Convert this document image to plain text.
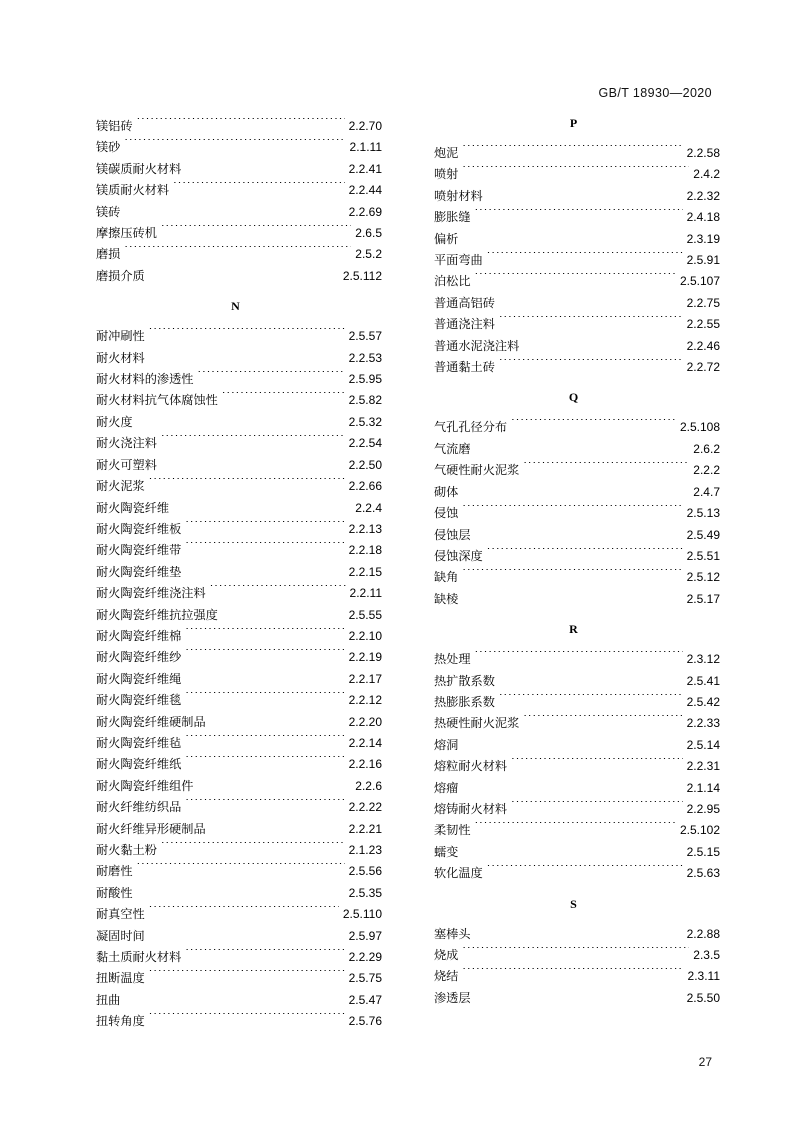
GB/T 18930—2020
镁铝砖 ·····	2.2.70
镁砂 ·····	2.1.11
镁碳质耐火材料 ·····	2.2.41
镁质耐火材料 ·····	2.2.44
镁砖 ·····	2.2.69
摩擦压砖机 ·····	2.6.5
磨损 ·····	2.5.2
磨损介质 ·····	2.5.112
N
耐冲刷性 ·····	2.5.57
耐火材料 ·····	2.2.53
耐火材料的渗透性 ·····	2.5.95
耐火材料抗气体腐蚀性 ·····	2.5.82
耐火度 ·····	2.5.32
耐火浇注料 ·····	2.2.54
耐火可塑料 ·····	2.2.50
耐火泥浆 ·····	2.2.66
耐火陶瓷纤维 ·····	2.2.4
耐火陶瓷纤维板 ·····	2.2.13
耐火陶瓷纤维带 ·····	2.2.18
耐火陶瓷纤维垫 ·····	2.2.15
耐火陶瓷纤维浇注料 ·····	2.2.11
耐火陶瓷纤维抗拉强度 ·····	2.5.55
耐火陶瓷纤维棉 ·····	2.2.10
耐火陶瓷纤维纱 ·····	2.2.19
耐火陶瓷纤维绳 ·····	2.2.17
耐火陶瓷纤维毯 ·····	2.2.12
耐火陶瓷纤维硬制品 ·····	2.2.20
耐火陶瓷纤维毡 ·····	2.2.14
耐火陶瓷纤维纸 ·····	2.2.16
耐火陶瓷纤维组件 ·····	2.2.6
耐火纤维纺织品 ·····	2.2.22
耐火纤维异形硬制品 ·····	2.2.21
耐火黏土粉 ·····	2.1.23
耐磨性 ·····	2.5.56
耐酸性 ·····	2.5.35
耐真空性 ·····	2.5.110
凝固时间 ·····	2.5.97
黏土质耐火材料 ·····	2.2.29
扭断温度 ·····	2.5.75
扭曲 ·····	2.5.47
扭转角度 ·····	2.5.76
P
炮泥 ·····	2.2.58
喷射 ·····	2.4.2
喷射材料 ·····	2.2.32
膨胀缝 ·····	2.4.18
偏析 ·····	2.3.19
平面弯曲 ·····	2.5.91
泊松比 ·····	2.5.107
普通高铝砖 ·····	2.2.75
普通浇注料 ·····	2.2.55
普通水泥浇注料 ·····	2.2.46
普通黏土砖 ·····	2.2.72
Q
气孔孔径分布 ·····	2.5.108
气流磨 ·····	2.6.2
气硬性耐火泥浆 ·····	2.2.2
砌体 ·····	2.4.7
侵蚀 ·····	2.5.13
侵蚀层 ·····	2.5.49
侵蚀深度 ·····	2.5.51
缺角 ·····	2.5.12
缺棱 ·····	2.5.17
R
热处理 ·····	2.3.12
热扩散系数 ·····	2.5.41
热膨胀系数 ·····	2.5.42
热硬性耐火泥浆 ·····	2.2.33
熔洞 ·····	2.5.14
熔粒耐火材料 ·····	2.2.31
熔瘤 ·····	2.1.14
熔铸耐火材料 ·····	2.2.95
柔韧性 ·····	2.5.102
蠕变 ·····	2.5.15
软化温度 ·····	2.5.63
S
塞棒头 ·····	2.2.88
烧成 ·····	2.3.5
烧结 ·····	2.3.11
渗透层 ·····	2.5.50
27
